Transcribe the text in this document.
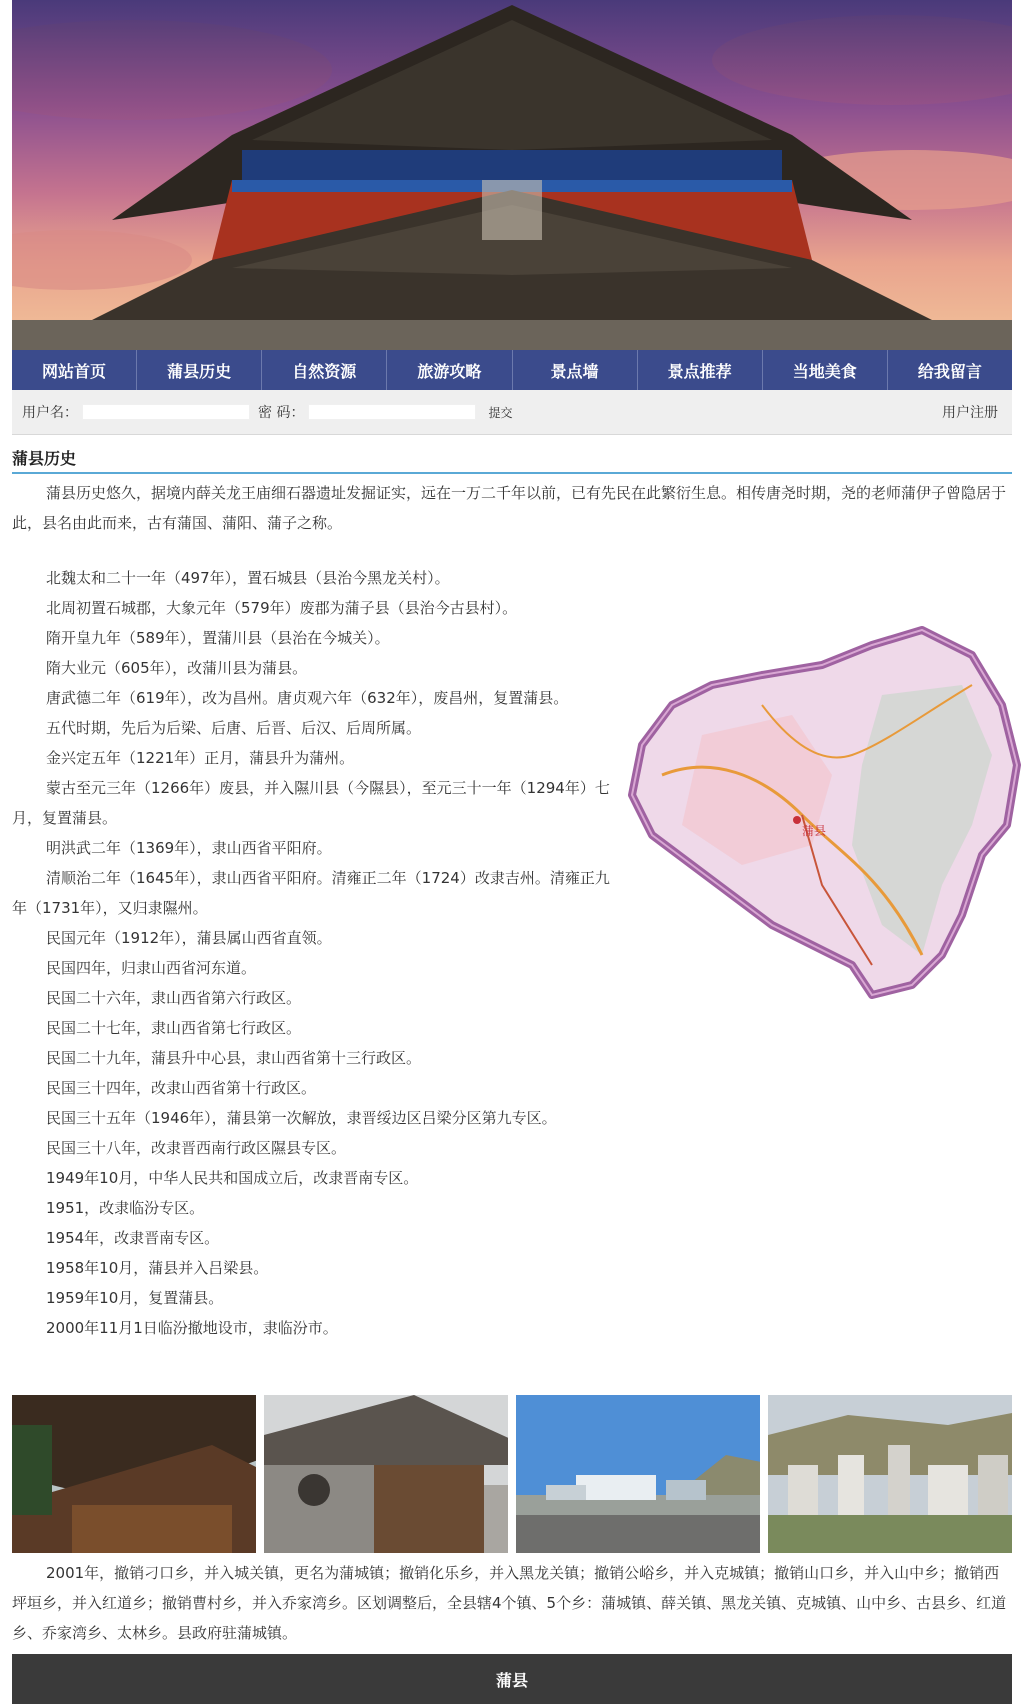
网站首页	蒲县历史	自然资源	旅游攻略	景点墙	景点推荐	当地美食	给我留言
用户名：	密 码：	提交	用户注册
蒲县历史
蒲县历史悠久，据境内薛关龙王庙细石器遗址发掘证实，远在一万二千年以前，已有先民在此繁衍生息。相传唐尧时期，尧的老师蒲伊子曾隐居于此，县名由此而来，古有蒲国、蒲阳、蒲子之称。
北魏太和二十一年（497年），置石城县（县治今黑龙关村）。
北周初置石城郡，大象元年（579年）废郡为蒲子县（县治今古县村）。
隋开皇九年（589年），置蒲川县（县治在今城关）。
隋大业元（605年），改蒲川县为蒲县。
唐武德二年（619年），改为昌州。唐贞观六年（632年），废昌州，复置蒲县。
五代时期，先后为后梁、后唐、后晋、后汉、后周所属。
金兴定五年（1221年）正月，蒲县升为蒲州。
蒙古至元三年（1266年）废县，并入隰川县（今隰县），至元三十一年（1294年）七月，复置蒲县。
明洪武二年（1369年），隶山西省平阳府。
清顺治二年（1645年），隶山西省平阳府。清雍正二年（1724）改隶吉州。清雍正九年（1731年），又归隶隰州。
民国元年（1912年），蒲县属山西省直领。
民国四年，归隶山西省河东道。
民国二十六年，隶山西省第六行政区。
民国二十七年，隶山西省第七行政区。
民国二十九年，蒲县升中心县，隶山西省第十三行政区。
民国三十四年，改隶山西省第十行政区。
民国三十五年（1946年），蒲县第一次解放，隶晋绥边区吕梁分区第九专区。
民国三十八年，改隶晋西南行政区隰县专区。
1949年10月，中华人民共和国成立后，改隶晋南专区。
1951，改隶临汾专区。
1954年，改隶晋南专区。
1958年10月，蒲县并入吕梁县。
1959年10月，复置蒲县。
2000年11月1日临汾撤地设市，隶临汾市。
蒲县
2001年，撤销刁口乡，并入城关镇，更名为蒲城镇；撤销化乐乡，并入黑龙关镇；撤销公峪乡，并入克城镇；撤销山口乡，并入山中乡；撤销西坪垣乡，并入红道乡；撤销曹村乡，并入乔家湾乡。区划调整后，全县辖4个镇、5个乡：蒲城镇、薛关镇、黑龙关镇、克城镇、山中乡、古县乡、红道乡、乔家湾乡、太林乡。县政府驻蒲城镇。
蒲县
